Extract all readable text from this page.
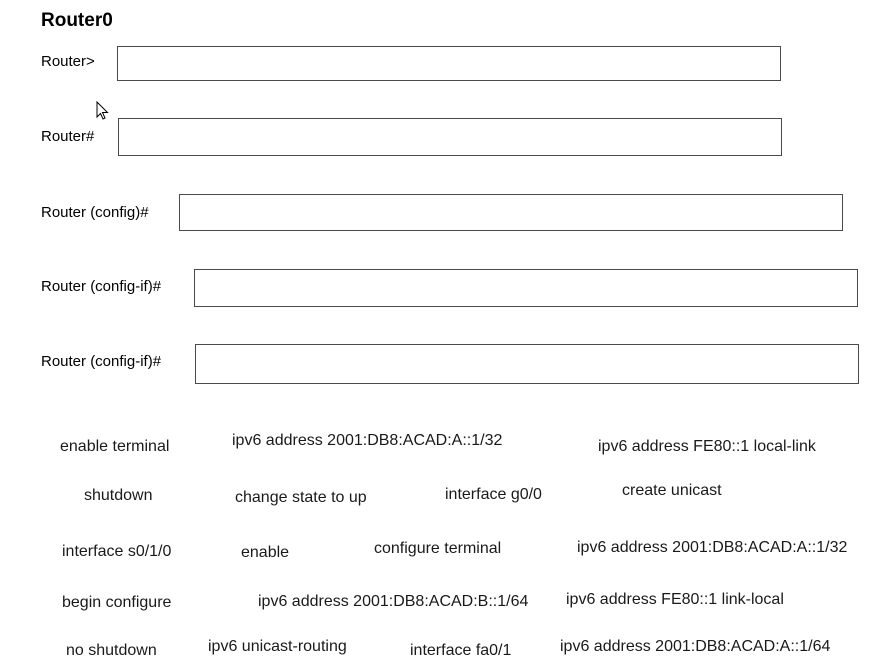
Router0
Router>
Router#
Router (config)#
Router (config-if)#
Router (config-if)#
enable terminal	ipv6 address 2001:DB8:ACAD:A::1/32	ipv6 address FE80::1 local-link
shutdown	change state to up	interface g0/0	create unicast
interface s0/1/0	enable	configure terminal	ipv6 address 2001:DB8:ACAD:A::1/32
begin configure	ipv6 address 2001:DB8:ACAD:B::1/64 ipv6 address FE80::1 link-local
no shutdown	ipv6 unicast-routing	interface fa0/1	ipv6 address 2001:DB8:ACAD:A::1/64
